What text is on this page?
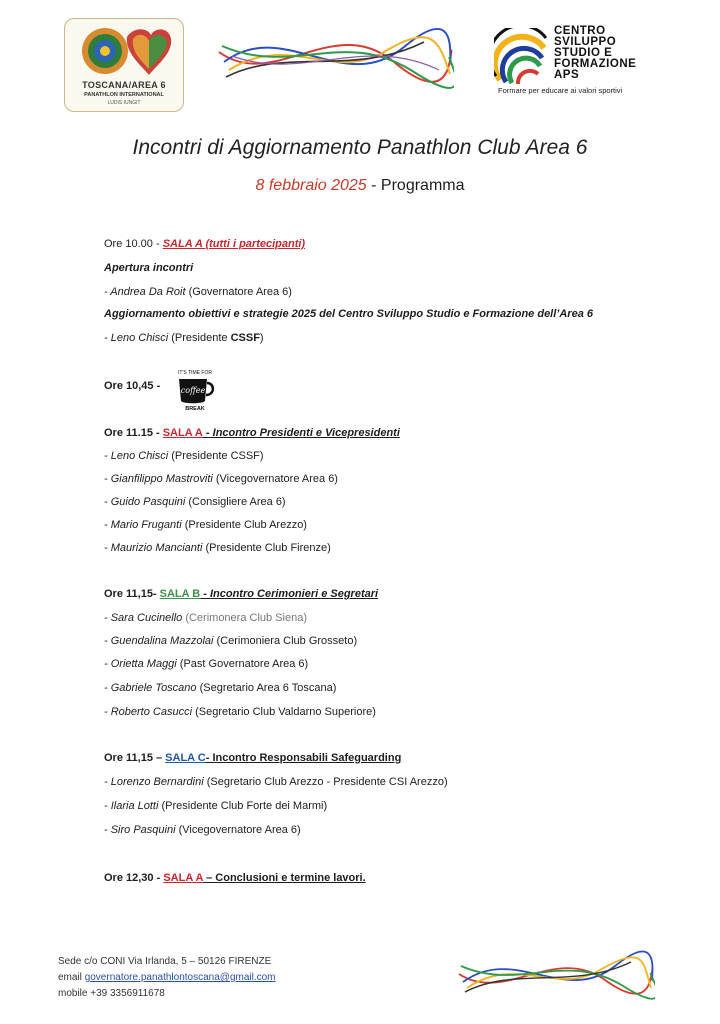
TOSCANA/AREA 6
PANATHLON INTERNATIONAL
LUDIS IUNGIT
CENTRO
SVILUPPO
STUDIO E
FORMAZIONE
APS
Formare per educare ai valori sportivi
Incontri di Aggiornamento Panathlon Club Area 6
8 febbraio 2025 - Programma
Ore 10.00 - SALA A (tutti i partecipanti)
Apertura incontri
- Andrea Da Roit (Governatore Area 6)
Aggiornamento obiettivi e strategie 2025 del Centro Sviluppo Studio e Formazione dell’Area 6
- Leno Chisci (Presidente CSSF)
Ore 10,45 -
IT'S TIME FOR
coffee
BREAK
Ore 11.15 - SALA A - Incontro Presidenti e Vicepresidenti
- Leno Chisci (Presidente CSSF)
- Gianfilippo Mastroviti (Vicegovernatore Area 6)
- Guido Pasquini (Consigliere Area 6)
- Mario Fruganti (Presidente Club Arezzo)
- Maurizio Mancianti (Presidente Club Firenze)
Ore 11,15- SALA B - Incontro Cerimonieri e Segretari
- Sara Cucinello (Cerimonera Club Siena)
- Guendalina Mazzolai (Cerimoniera Club Grosseto)
- Orietta Maggi (Past Governatore Area 6)
- Gabriele Toscano (Segretario Area 6 Toscana)
- Roberto Casucci (Segretario Club Valdarno Superiore)
Ore 11,15 – SALA C- Incontro Responsabili Safeguarding
- Lorenzo Bernardini (Segretario Club Arezzo - Presidente CSI Arezzo)
- Ilaria Lotti (Presidente Club Forte dei Marmi)
- Siro Pasquini (Vicegovernatore Area 6)
Ore 12,30 - SALA A – Conclusioni e termine lavori.
Sede c/o CONI Via Irlanda, 5 – 50126 FIRENZE
email governatore.panathlontoscana@gmail.com
mobile +39 3356911678
